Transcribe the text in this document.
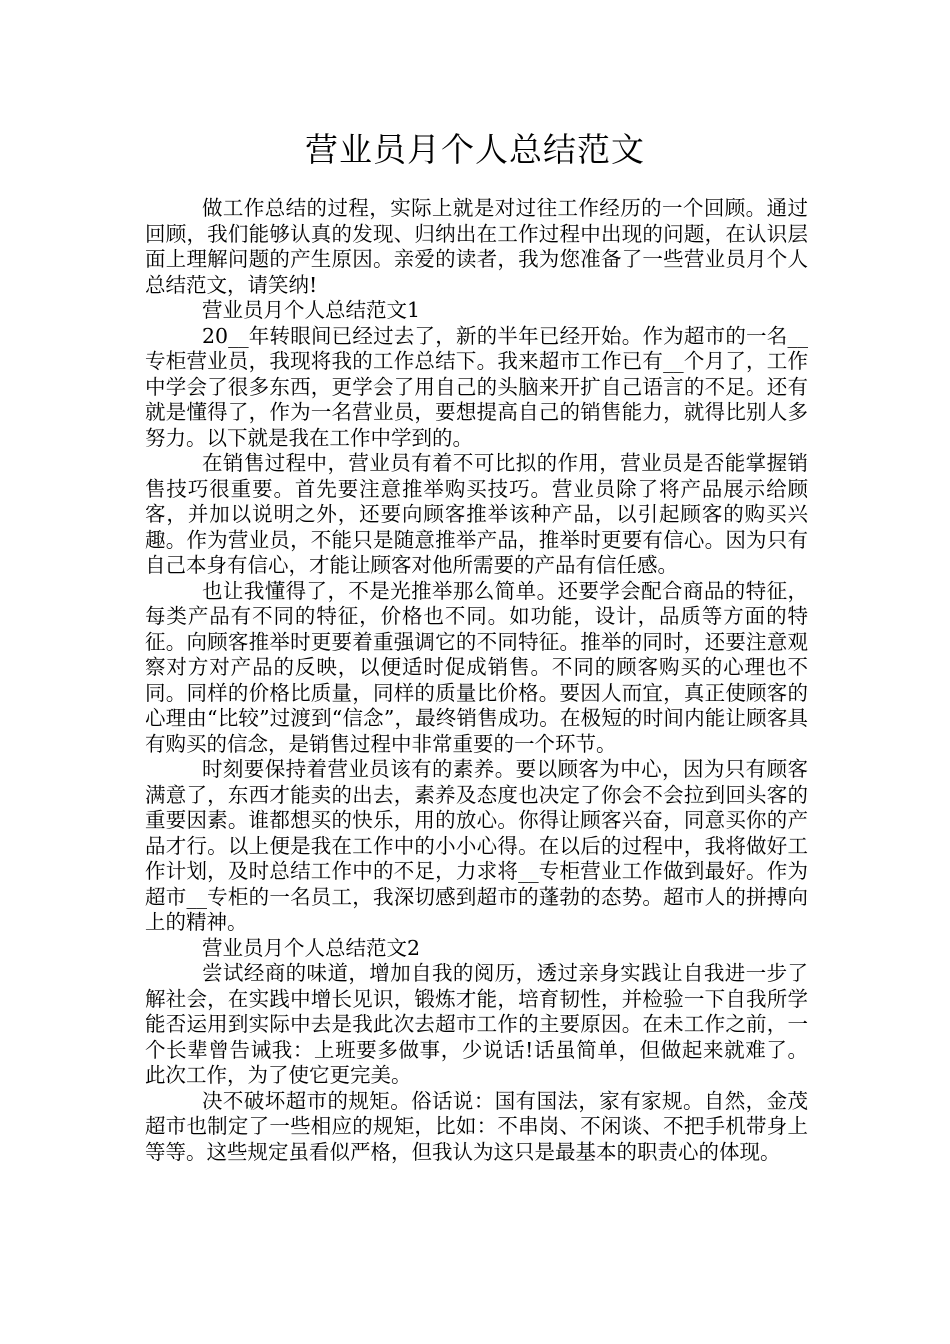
营业员月个人总结范文

做工作总结的过程，实际上就是对过往工作经历的一个回顾。通过回顾，我们能够认真的发现、归纳出在工作过程中出现的问题，在认识层面上理解问题的产生原因。亲爱的读者，我为您准备了一些营业员月个人总结范文，请笑纳!

营业员月个人总结范文1

20__年转眼间已经过去了，新的半年已经开始。作为超市的一名__专柜营业员，我现将我的工作总结下。我来超市工作已有__个月了，工作中学会了很多东西，更学会了用自己的头脑来开扩自己语言的不足。还有就是懂得了，作为一名营业员，要想提高自己的销售能力，就得比别人多努力。以下就是我在工作中学到的。

在销售过程中，营业员有着不可比拟的作用，营业员是否能掌握销售技巧很重要。首先要注意推举购买技巧。营业员除了将产品展示给顾客，并加以说明之外，还要向顾客推举该种产品，以引起顾客的购买兴趣。作为营业员，不能只是随意推举产品，推举时更要有信心。因为只有自己本身有信心，才能让顾客对他所需要的产品有信任感。

也让我懂得了，不是光推举那么简单。还要学会配合商品的特征，每类产品有不同的特征，价格也不同。如功能，设计，品质等方面的特征。向顾客推举时更要着重强调它的不同特征。推举的同时，还要注意观察对方对产品的反映，以便适时促成销售。不同的顾客购买的心理也不同。同样的价格比质量，同样的质量比价格。要因人而宜，真正使顾客的心理由“比较”过渡到“信念”，最终销售成功。在极短的时间内能让顾客具有购买的信念，是销售过程中非常重要的一个环节。

时刻要保持着营业员该有的素养。要以顾客为中心，因为只有顾客满意了，东西才能卖的出去，素养及态度也决定了你会不会拉到回头客的重要因素。谁都想买的快乐，用的放心。你得让顾客兴奋，同意买你的产品才行。以上便是我在工作中的小小心得。在以后的过程中，我将做好工作计划，及时总结工作中的不足，力求将__专柜营业工作做到最好。作为超市__专柜的一名员工，我深切感到超市的蓬勃的态势。超市人的拼搏向上的精神。

营业员月个人总结范文2

尝试经商的味道，增加自我的阅历，透过亲身实践让自我进一步了解社会，在实践中增长见识，锻炼才能，培育韧性，并检验一下自我所学能否运用到实际中去是我此次去超市工作的主要原因。在未工作之前，一个长辈曾告诫我：上班要多做事，少说话!话虽简单，但做起来就难了。此次工作，为了使它更完美。

决不破坏超市的规矩。俗话说：国有国法，家有家规。自然，金茂超市也制定了一些相应的规矩，比如：不串岗、不闲谈、不把手机带身上等等。这些规定虽看似严格，但我认为这只是最基本的职责心的体现。
